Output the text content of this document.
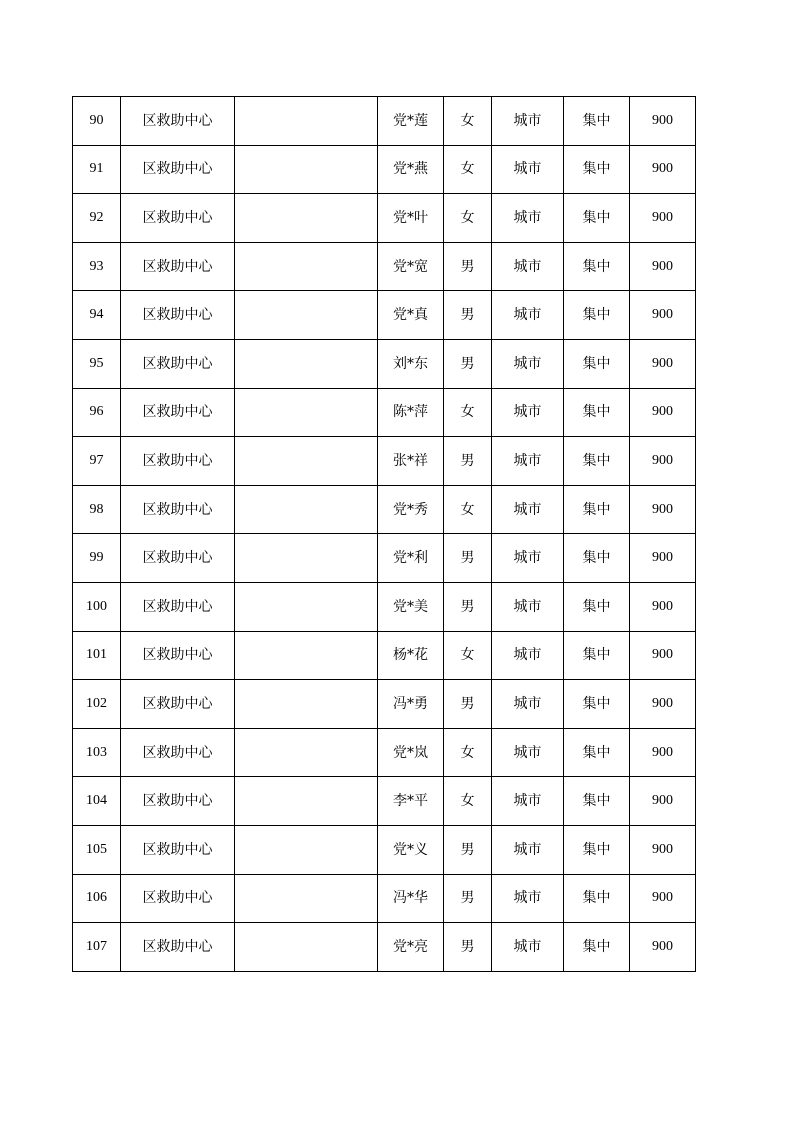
90	区救助中心		党*莲	女	城市	集中	900
91	区救助中心		党*燕	女	城市	集中	900
92	区救助中心		党*叶	女	城市	集中	900
93	区救助中心		党*宽	男	城市	集中	900
94	区救助中心		党*真	男	城市	集中	900
95	区救助中心		刘*东	男	城市	集中	900
96	区救助中心		陈*萍	女	城市	集中	900
97	区救助中心		张*祥	男	城市	集中	900
98	区救助中心		党*秀	女	城市	集中	900
99	区救助中心		党*利	男	城市	集中	900
100	区救助中心		党*美	男	城市	集中	900
101	区救助中心		杨*花	女	城市	集中	900
102	区救助中心		冯*勇	男	城市	集中	900
103	区救助中心		党*岚	女	城市	集中	900
104	区救助中心		李*平	女	城市	集中	900
105	区救助中心		党*义	男	城市	集中	900
106	区救助中心		冯*华	男	城市	集中	900
107	区救助中心		党*亮	男	城市	集中	900
